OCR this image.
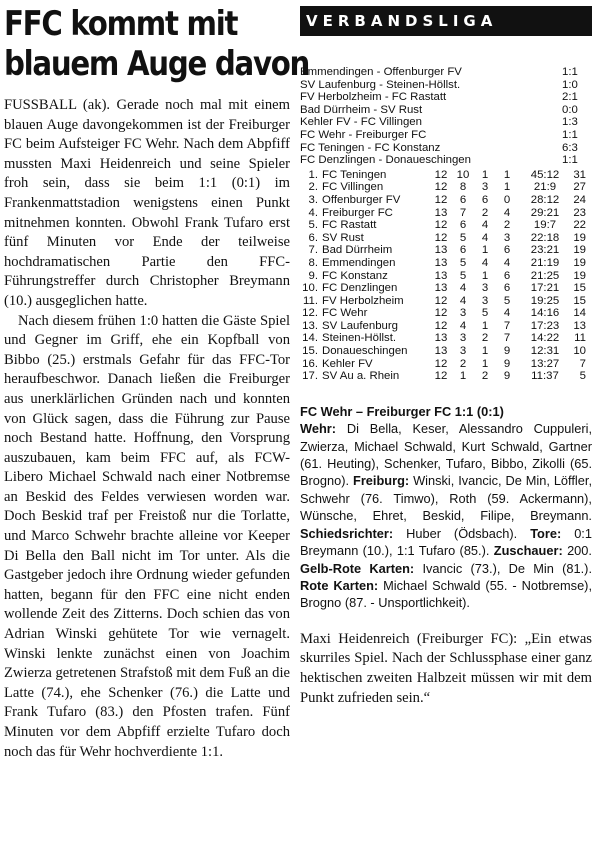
FFC kommt mit
blauem Auge davon

FUSSBALL (ak). Gerade noch mal mit einem blauen Auge davongekommen ist der Freiburger FC beim Aufsteiger FC Wehr. Nach dem Abpfiff mussten Maxi Heidenreich und seine Spieler froh sein, dass sie beim 1:1 (0:1) im Frankenmattstadion wenigstens einen Punkt mitnehmen konnten. Obwohl Frank Tufaro erst fünf Minuten vor Ende der teilweise hochdramatischen Partie den FFC-Führungstreffer durch Christopher Breymann (10.) ausgeglichen hatte.

Nach diesem frühen 1:0 hatten die Gäste Spiel und Gegner im Griff, ehe ein Kopfball von Bibbo (25.) erstmals Gefahr für das FFC-Tor heraufbeschwor. Danach ließen die Freiburger aus unerklärlichen Gründen nach und konnten von Glück sagen, dass die Führung zur Pause noch Bestand hatte. Hoffnung, den Vorsprung auszubauen, kam beim FFC auf, als FCW-Libero Michael Schwald nach einer Notbremse an Beskid des Feldes verwiesen worden war. Doch Beskid traf per Freistoß nur die Torlatte, und Marco Schwehr brachte alleine vor Keeper Di Bella den Ball nicht im Tor unter. Als die Gastgeber jedoch ihre Ordnung wieder gefunden hatten, begann für den FFC eine nicht enden wollende Zeit des Zitterns. Doch schien das von Adrian Winski gehütete Tor wie vernagelt. Winski lenkte zunächst einen von Joachim Zwierza getretenen Strafstoß mit dem Fuß an die Latte (74.), ehe Schenker (76.) die Latte und Frank Tufaro (83.) den Pfosten trafen. Fünf Minuten vor dem Abpfiff erzielte Tufaro doch noch das für Wehr hochverdiente 1:1.

VERBANDSLIGA
Emmendingen - Offenburger FV	1:1
SV Laufenburg - Steinen-Höllst.	1:0
FV Herbolzheim - FC Rastatt	2:1
Bad Dürrheim - SV Rust	0:0
Kehler FV - FC Villingen	1:3
FC Wehr - Freiburger FC	1:1
FC Teningen - FC Konstanz	6:3
FC Denzlingen - Donaueschingen	1:1
1.	FC Teningen	12	10	1	1	45:12	31
2.	FC Villingen	12	8	3	1	21:9	27
3.	Offenburger FV	12	6	6	0	28:12	24
4.	Freiburger FC	13	7	2	4	29:21	23
5.	FC Rastatt	12	6	4	2	19:7	22
6.	SV Rust	12	5	4	3	22:18	19
7.	Bad Dürrheim	13	6	1	6	23:21	19
8.	Emmendingen	13	5	4	4	21:19	19
9.	FC Konstanz	13	5	1	6	21:25	19
10.	FC Denzlingen	13	4	3	6	17:21	15
11.	FV Herbolzheim	12	4	3	5	19:25	15
12.	FC Wehr	12	3	5	4	14:16	14
13.	SV Laufenburg	12	4	1	7	17:23	13
14.	Steinen-Höllst.	13	3	2	7	14:22	11
15.	Donaueschingen	13	3	1	9	12:31	10
16.	Kehler FV	12	2	1	9	13:27	7
17.	SV Au a. Rhein	12	1	2	9	11:37	5
FC Wehr – Freiburger FC 1:1 (0:1)
Wehr: Di Bella, Keser, Alessandro Cuppuleri, Zwierza, Michael Schwald, Kurt Schwald, Gartner (61. Heuting), Schenker, Tufaro, Bibbo, Zikolli (65. Brogno). Freiburg: Winski, Ivancic, De Min, Löffler, Schwehr (76. Timwo), Roth (59. Ackermann), Wünsche, Ehret, Beskid, Filipe, Breymann. Schiedsrichter: Huber (Ödsbach). Tore: 0:1 Breymann (10.), 1:1 Tufaro (85.). Zuschauer: 200. Gelb-Rote Karten: Ivancic (73.), De Min (81.). Rote Karten: Michael Schwald (55. - Notbremse), Brogno (87. - Unsportlichkeit).
Maxi Heidenreich (Freiburger FC): „Ein etwas skurriles Spiel. Nach der Schlussphase einer ganz hektischen zweiten Halbzeit müssen wir mit dem Punkt zufrieden sein.“
